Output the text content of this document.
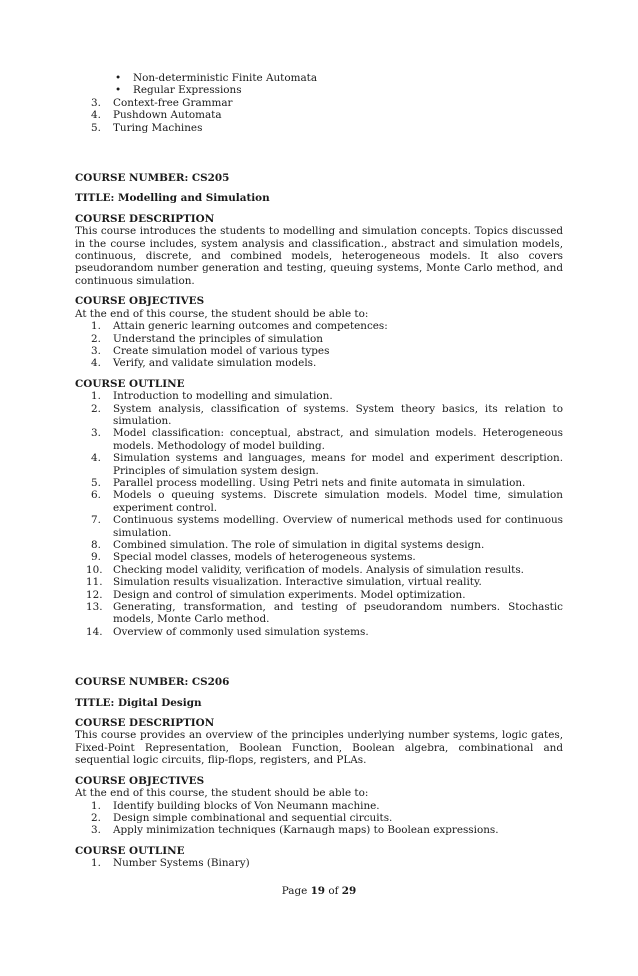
• Non-deterministic Finite Automata
• Regular Expressions
3.	Context-free Grammar
4.	Pushdown Automata
5.	Turing Machines
COURSE NUMBER: CS205
TITLE: Modelling and Simulation
COURSE DESCRIPTION
This course introduces the students to modelling and simulation concepts. Topics discussed in the course includes, system analysis and classification., abstract and simulation models, continuous, discrete, and combined models, heterogeneous models. It also covers pseudorandom number generation and testing, queuing systems, Monte Carlo method, and continuous simulation.
COURSE OBJECTIVES
At the end of this course, the student should be able to:
1.	Attain generic learning outcomes and competences:
2.	Understand the principles of simulation
3.	Create simulation model of various types
4.	Verify, and validate simulation models.
COURSE OUTLINE
1.	Introduction to modelling and simulation.
2.	System analysis, classification of systems. System theory basics, its relation to simulation.
3.	Model classification: conceptual, abstract, and simulation models. Heterogeneous models. Methodology of model building.
4.	Simulation systems and languages, means for model and experiment description. Principles of simulation system design.
5.	Parallel process modelling. Using Petri nets and finite automata in simulation.
6.	Models o queuing systems. Discrete simulation models. Model time, simulation experiment control.
7.	Continuous systems modelling. Overview of numerical methods used for continuous simulation.
8.	Combined simulation. The role of simulation in digital systems design.
9.	Special model classes, models of heterogeneous systems.
10.	Checking model validity, verification of models. Analysis of simulation results.
11.	Simulation results visualization. Interactive simulation, virtual reality.
12.	Design and control of simulation experiments. Model optimization.
13.	Generating, transformation, and testing of pseudorandom numbers. Stochastic models, Monte Carlo method.
14.	Overview of commonly used simulation systems.
COURSE NUMBER: CS206
TITLE: Digital Design
COURSE DESCRIPTION
This course provides an overview of the principles underlying number systems, logic gates, Fixed-Point Representation, Boolean Function, Boolean algebra, combinational and sequential logic circuits, flip-flops, registers, and PLAs.
COURSE OBJECTIVES
At the end of this course, the student should be able to:
1.	Identify building blocks of Von Neumann machine.
2.	Design simple combinational and sequential circuits.
3.	Apply minimization techniques (Karnaugh maps) to Boolean expressions.
COURSE OUTLINE
1.	Number Systems (Binary)
Page 19 of 29
